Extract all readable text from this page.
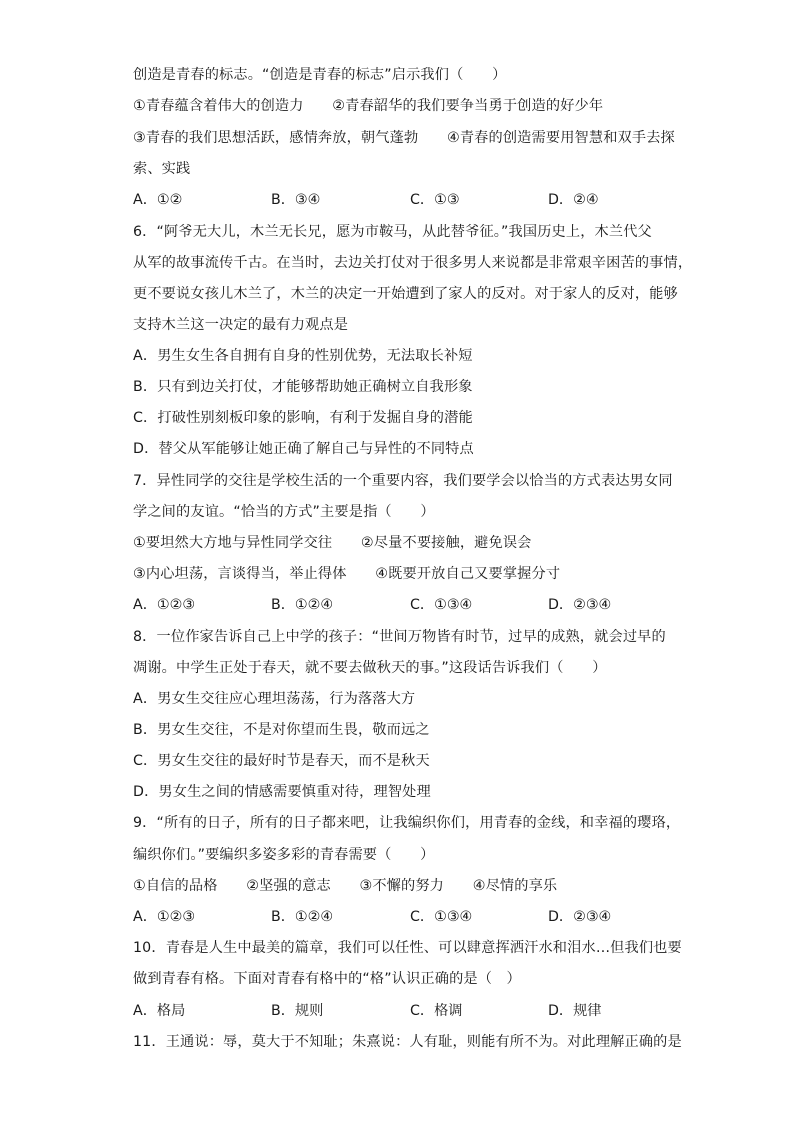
创造是青春的标志。“创造是青春的标志”启示我们（　　）
①青春蕴含着伟大的创造力　　②青春韶华的我们要争当勇于创造的好少年
③青春的我们思想活跃，感情奔放，朝气蓬勃　　④青春的创造需要用智慧和双手去探
索、实践
A．①②	B．③④	C．①③	D．②④
6．“阿爷无大儿，木兰无长兄，愿为市鞍马，从此替爷征。”我国历史上，木兰代父
从军的故事流传千古。在当时，去边关打仗对于很多男人来说都是非常艰辛困苦的事情，
更不要说女孩儿木兰了，木兰的决定一开始遭到了家人的反对。对于家人的反对，能够
支持木兰这一决定的最有力观点是
A．男生女生各自拥有自身的性别优势，无法取长补短
B．只有到边关打仗，才能够帮助她正确树立自我形象
C．打破性别刻板印象的影响，有利于发掘自身的潜能
D．替父从军能够让她正确了解自己与异性的不同特点
7．异性同学的交往是学校生活的一个重要内容，我们要学会以恰当的方式表达男女同
学之间的友谊。“恰当的方式”主要是指（　　）
①要坦然大方地与异性同学交往　　②尽量不要接触，避免误会
③内心坦荡，言谈得当，举止得体　　④既要开放自己又要掌握分寸
A．①②③	B．①②④	C．①③④	D．②③④
8．一位作家告诉自己上中学的孩子：“世间万物皆有时节，过早的成熟，就会过早的
凋谢。中学生正处于春天，就不要去做秋天的事。”这段话告诉我们（　　）
A．男女生交往应心理坦荡荡，行为落落大方
B．男女生交往，不是对你望而生畏，敬而远之
C．男女生交往的最好时节是春天，而不是秋天
D．男女生之间的情感需要慎重对待，理智处理
9．“所有的日子，所有的日子都来吧，让我编织你们，用青春的金线，和幸福的璎珞，
编织你们。”要编织多姿多彩的青春需要（　　）
①自信的品格　　②坚强的意志　　③不懈的努力　　④尽情的享乐
A．①②③	B．①②④	C．①③④	D．②③④
10．青春是人生中最美的篇章，我们可以任性、可以肆意挥洒汗水和泪水…但我们也要
做到青春有格。下面对青春有格中的“格”认识正确的是（　）
A．格局	B．规则	C．格调	D．规律
11．王通说：辱，莫大于不知耻；朱熹说：人有耻，则能有所不为。对此理解正确的是
